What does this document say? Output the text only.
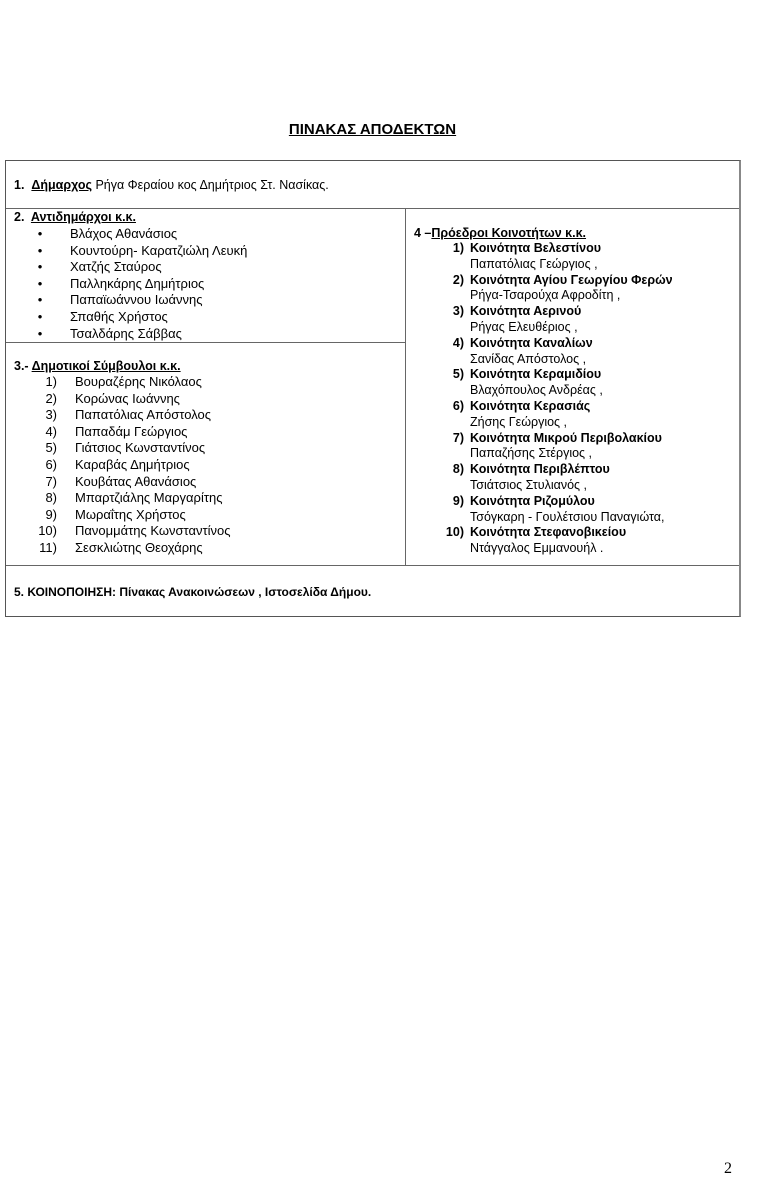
ΠΙΝΑΚΑΣ ΑΠΟΔΕΚΤΩΝ
1. Δήμαρχος Ρήγα Φεραίου κος Δημήτριος Στ. Νασίκας.
2. Αντιδημάρχοι κ.κ.
• Βλάχος Αθανάσιος
• Κουντούρη- Καρατζιώλη Λευκή
• Χατζής Σταύρος
• Παλληκάρης Δημήτριος
• Παπαϊωάννου Ιωάννης
• Σπαθής Χρήστος
• Τσαλδάρης Σάββας
3.- Δημοτικοί Σύμβουλοι κ.κ.
1) Βουραζέρης Νικόλαος
2) Κορώνας Ιωάννης
3) Παπατόλιας Απόστολος
4) Παπαδάμ Γεώργιος
5) Γιάτσιος Κωνσταντίνος
6) Καραβάς Δημήτριος
7) Κουβάτας Αθανάσιος
8) Μπαρτζιάλης Μαργαρίτης
9) Μωραΐτης Χρήστος
10) Πανομμάτης Κωνσταντίνος
11) Σεσκλιώτης Θεοχάρης
4 –Πρόεδροι Κοινοτήτων κ.κ.
1) Κοινότητα Βελεστίνου
Παπατόλιας Γεώργιος ,
2) Κοινότητα Αγίου Γεωργίου Φερών
Ρήγα-Τσαρούχα Αφροδίτη ,
3) Κοινότητα Αερινού
Ρήγας Ελευθέριος ,
4) Κοινότητα Καναλίων
Σανίδας Απόστολος ,
5) Κοινότητα Κεραμιδίου
Βλαχόπουλος Ανδρέας ,
6) Κοινότητα Κερασιάς
Ζήσης Γεώργιος ,
7) Κοινότητα Μικρού Περιβολακίου
Παπαζήσης Στέργιος ,
8) Κοινότητα Περιβλέπτου
Τσιάτσιος Στυλιανός ,
9) Κοινότητα Ριζομύλου
Τσόγκαρη - Γουλέτσιου Παναγιώτα,
10) Κοινότητα Στεφανοβικείου
Ντάγγαλος Εμμανουήλ .
5. ΚΟΙΝΟΠΟΙΗΣΗ: Πίνακας Ανακοινώσεων , Ιστοσελίδα Δήμου.
2
